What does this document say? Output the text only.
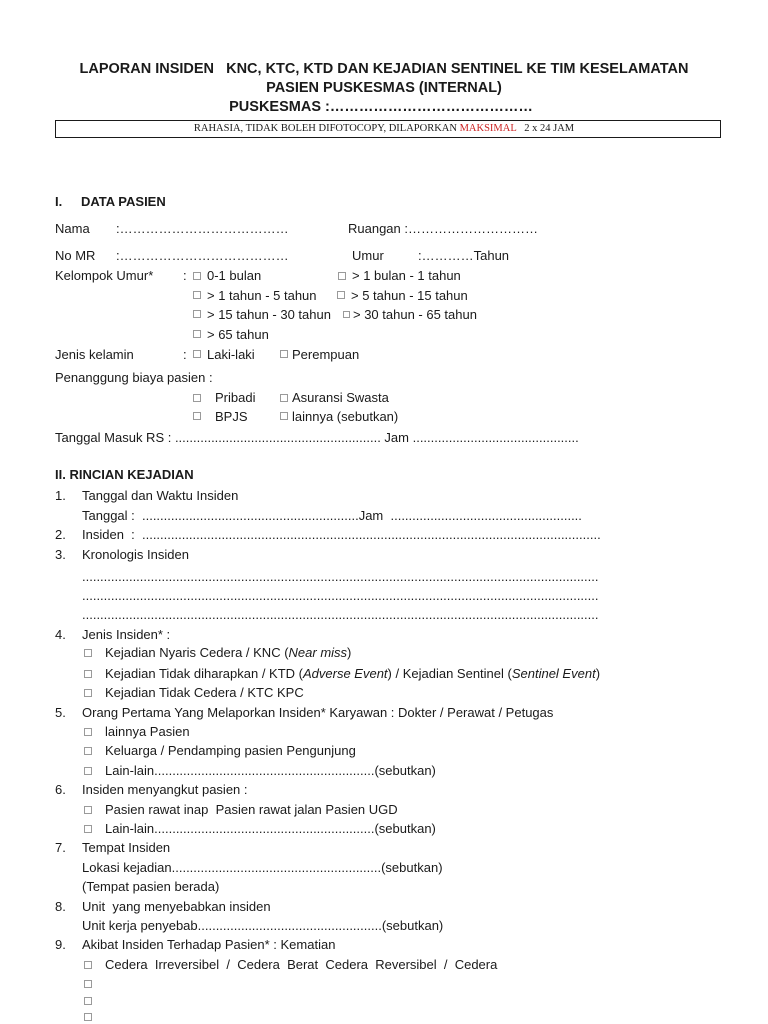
LAPORAN INSIDEN   KNC, KTC, KTD DAN KEJADIAN SENTINEL KE TIM KESELAMATAN
PASIEN PUSKESMAS (INTERNAL)
PUSKESMAS :……………………………………
RAHASIA, TIDAK BOLEH DIFOTOCOPY, DILAPORKAN MAKSIMAL 2 x 24 JAM
I. DATA PASIEN
Nama :…………………………………	Ruangan :…………………………
No MR :…………………………………	Umur	:…………Tahun
Kelompok Umur* : 0-1 bulan	> 1 bulan - 1 tahun
> 1 tahun - 5 tahun	> 5 tahun - 15 tahun
> 15 tahun - 30 tahun > 30 tahun - 65 tahun
> 65 tahun
Jenis kelamin	: Laki-laki	Perempuan
Penanggung biaya pasien :
Pribadi	Asuransi Swasta
BPJS	lainnya (sebutkan)
Tanggal Masuk RS : ......................................................... Jam ..............................................
II. RINCIAN KEJADIAN
1. Tanggal dan Waktu Insiden
Tanggal :  ............................................................Jam  .....................................................
2. Insiden  :  ...............................................................................................................................
3. Kronologis Insiden
...............................................................................................................................................
...............................................................................................................................................
...............................................................................................................................................
4. Jenis Insiden* :
Kejadian Nyaris Cedera / KNC (Near miss)
Kejadian Tidak diharapkan / KTD (Adverse Event) / Kejadian Sentinel (Sentinel Event)
Kejadian Tidak Cedera / KTC KPC
5. Orang Pertama Yang Melaporkan Insiden* Karyawan : Dokter / Perawat / Petugas
lainnya Pasien
Keluarga / Pendamping pasien Pengunjung
Lain-lain.............................................................(sebutkan)
6. Insiden menyangkut pasien :
Pasien rawat inap  Pasien rawat jalan Pasien UGD
Lain-lain.............................................................(sebutkan)
7. Tempat Insiden
Lokasi kejadian..........................................................(sebutkan)
(Tempat pasien berada)
8. Unit  yang menyebabkan insiden
Unit kerja penyebab...................................................(sebutkan)
9. Akibat Insiden Terhadap Pasien* : Kematian
Cedera  Irreversibel  /  Cedera  Berat  Cedera  Reversibel  /  Cedera
